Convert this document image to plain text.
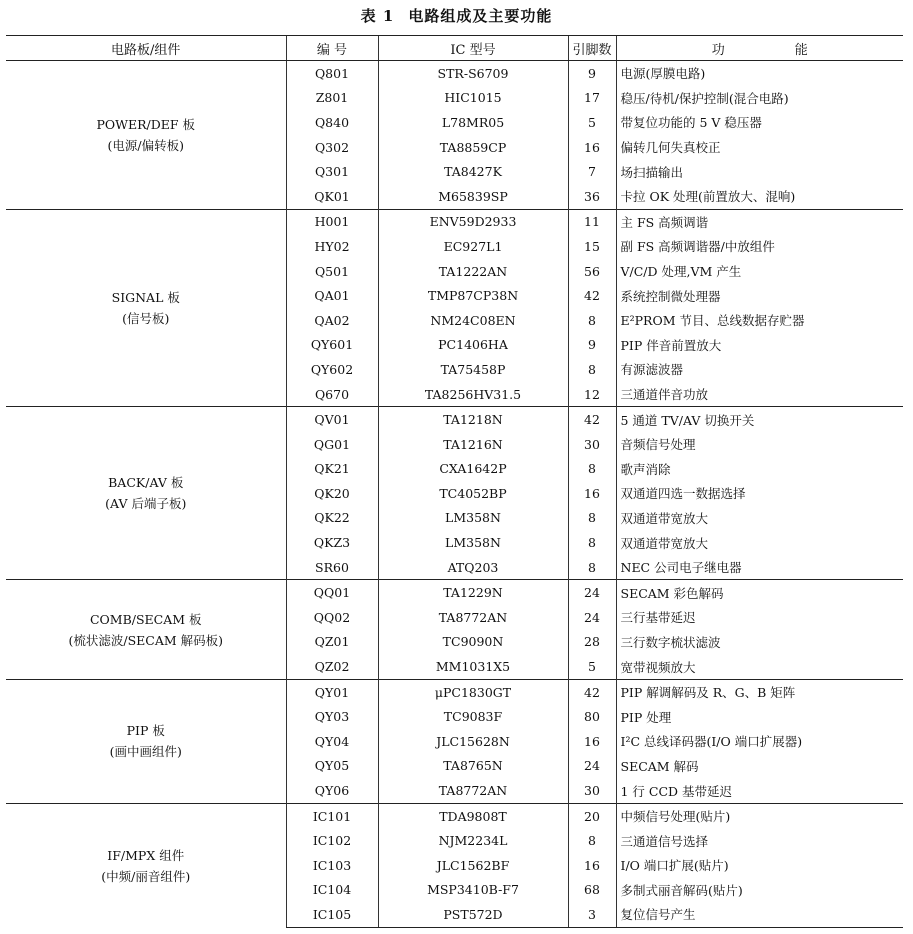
表 1 电路组成及主要功能
电路板/组件	编 号	IC 型号	引脚数	功 能

POWER/DEF 板
(电源/偏转板)	Q801	STR-S6709	9	电源(厚膜电路)
	Z801	HIC1015	17	稳压/待机/保护控制(混合电路)
	Q840	L78MR05	5	带复位功能的 5 V 稳压器
	Q302	TA8859CP	16	偏转几何失真校正
	Q301	TA8427K	7	场扫描输出
	QK01	M65839SP	36	卡拉 OK 处理(前置放大、混响)

SIGNAL 板
(信号板)	H001	ENV59D2933	11	主 FS 高频调谐
	HY02	EC927L1	15	副 FS 高频调谐器/中放组件
	Q501	TA1222AN	56	V/C/D 处理,VM 产生
	QA01	TMP87CP38N	42	系统控制微处理器
	QA02	NM24C08EN	8	E²PROM 节目、总线数据存贮器
	QY601	PC1406HA	9	PIP 伴音前置放大
	QY602	TA75458P	8	有源滤波器
	Q670	TA8256HV31.5	12	三通道伴音功放

BACK/AV 板
(AV 后端子板)	QV01	TA1218N	42	5 通道 TV/AV 切换开关
	QG01	TA1216N	30	音频信号处理
	QK21	CXA1642P	8	歌声消除
	QK20	TC4052BP	16	双通道四选一数据选择
	QK22	LM358N	8	双通道带宽放大
	QKZ3	LM358N	8	双通道带宽放大
	SR60	ATQ203	8	NEC 公司电子继电器

COMB/SECAM 板
(梳状滤波/SECAM 解码板)	QQ01	TA1229N	24	SECAM 彩色解码
	QQ02	TA8772AN	24	三行基带延迟
	QZ01	TC9090N	28	三行数字梳状滤波
	QZ02	MM1031X5	5	宽带视频放大

PIP 板
(画中画组件)	QY01	μPC1830GT	42	PIP 解调解码及 R、G、B 矩阵
	QY03	TC9083F	80	PIP 处理
	QY04	JLC15628N	16	I²C 总线译码器(I/O 端口扩展器)
	QY05	TA8765N	24	SECAM 解码
	QY06	TA8772AN	30	1 行 CCD 基带延迟

IF/MPX 组件
(中频/丽音组件)	IC101	TDA9808T	20	中频信号处理(贴片)
	IC102	NJM2234L	8	三通道信号选择
	IC103	JLC1562BF	16	I/O 端口扩展(贴片)
	IC104	MSP3410B-F7	68	多制式丽音解码(贴片)
	IC105	PST572D	3	复位信号产生
